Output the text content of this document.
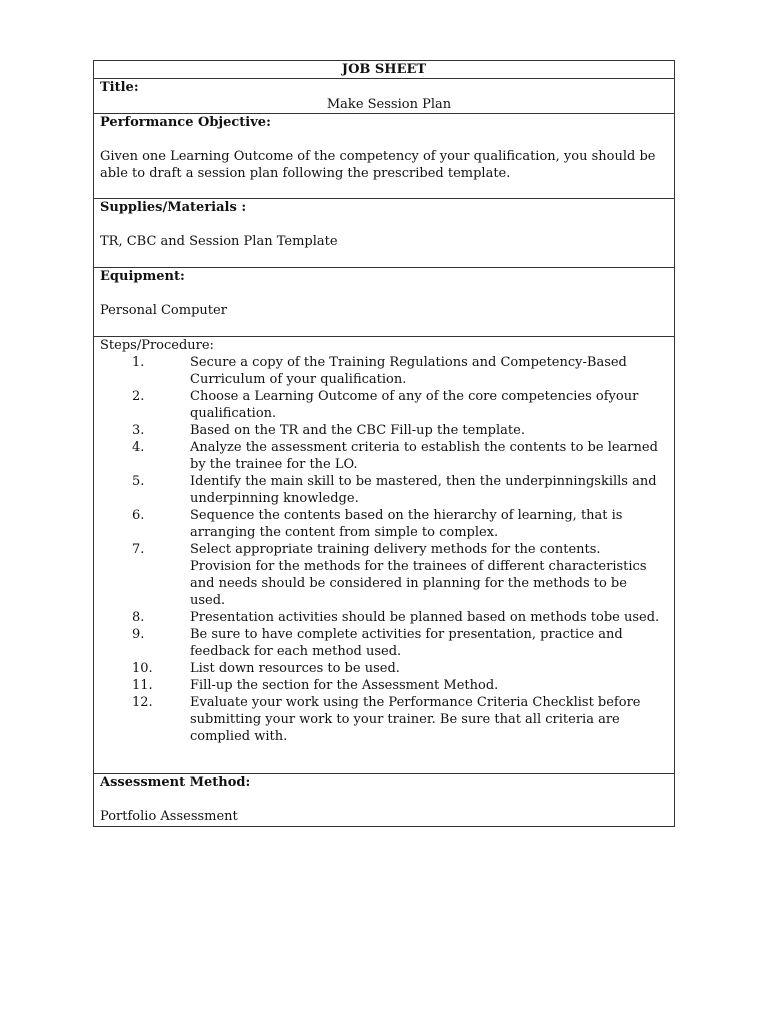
JOB SHEET

Title:
Make Session Plan

Performance Objective:
Given one Learning Outcome of the competency of your qualification, you should be able to draft a session plan following the prescribed template.

Supplies/Materials :
TR, CBC and Session Plan Template

Equipment:
Personal Computer

Steps/Procedure:
1.	Secure a copy of the Training Regulations and Competency-Based Curriculum of your qualification.
2.	Choose a Learning Outcome of any of the core competencies ofyour qualification.
3.	Based on the TR and the CBC Fill-up the template.
4.	Analyze the assessment criteria to establish the contents to be learned by the trainee for the LO.
5.	Identify the main skill to be mastered, then the underpinningskills and underpinning knowledge.
6.	Sequence the contents based on the hierarchy of learning, that is arranging the content from simple to complex.
7.	Select appropriate training delivery methods for the contents. Provision for the methods for the trainees of different characteristics and needs should be considered in planning for the methods to be used.
8.	Presentation activities should be planned based on methods tobe used.
9.	Be sure to have complete activities for presentation, practice and feedback for each method used.
10.	List down resources to be used.
11.	Fill-up the section for the Assessment Method.
12.	Evaluate your work using the Performance Criteria Checklist before submitting your work to your trainer. Be sure that all criteria are complied with.

Assessment Method:
Portfolio Assessment
